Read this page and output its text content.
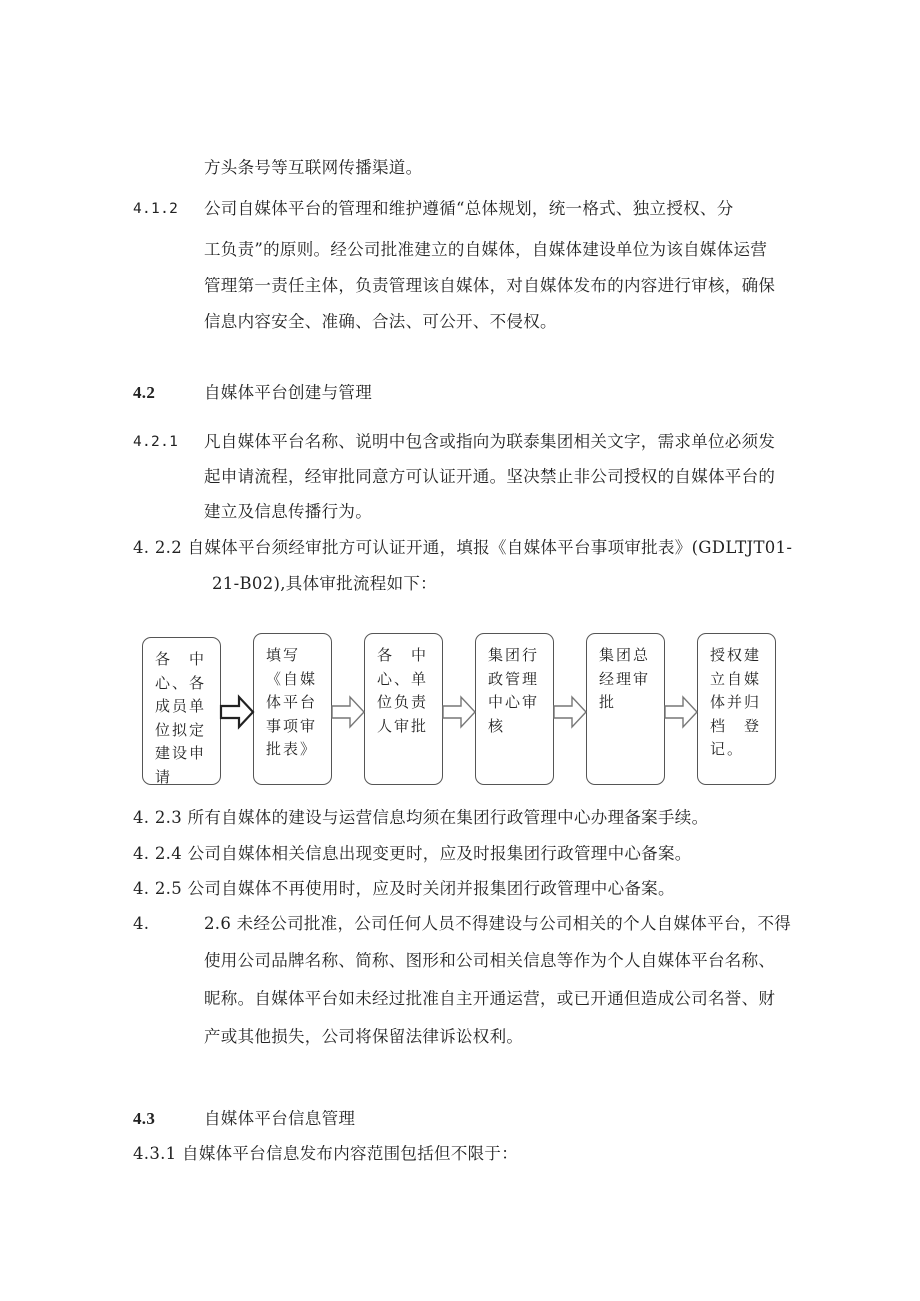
方头条号等互联网传播渠道。
4.1.2 公司自媒体平台的管理和维护遵循“总体规划，统一格式、独立授权、分
工负责”的原则。经公司批准建立的自媒体，自媒体建设单位为该自媒体运营
管理第一责任主体，负责管理该自媒体，对自媒体发布的内容进行审核，确保
信息内容安全、准确、合法、可公开、不侵权。
4.2	自媒体平台创建与管理
4.2.1 凡自媒体平台名称、说明中包含或指向为联泰集团相关文字，需求单位必须发
起申请流程，经审批同意方可认证开通。坚决禁止非公司授权的自媒体平台的
建立及信息传播行为。
4. 2.2 自媒体平台须经审批方可认证开通，填报《自媒体平台事项审批表》(GDLTJT01-
21-B02),具体审批流程如下：
各　中
心、各
成员单
位拟定
建设申
请
填写
《自媒
体平台
事项审
批表》
各　中
心、单
位负责
人审批
集团行
政管理
中心审
核
集团总
经理审
批
授权建
立自媒
体并归
档　登
记。
4. 2.3 所有自媒体的建设与运营信息均须在集团行政管理中心办理备案手续。
4. 2.4 公司自媒体相关信息出现变更时，应及时报集团行政管理中心备案。
4. 2.5 公司自媒体不再使用时，应及时关闭并报集团行政管理中心备案。
4.	2.6 未经公司批准，公司任何人员不得建设与公司相关的个人自媒体平台，不得
使用公司品牌名称、简称、图形和公司相关信息等作为个人自媒体平台名称、
昵称。自媒体平台如未经过批准自主开通运营，或已开通但造成公司名誉、财
产或其他损失，公司将保留法律诉讼权利。
4.3	自媒体平台信息管理
4.3.1 自媒体平台信息发布内容范围包括但不限于：
